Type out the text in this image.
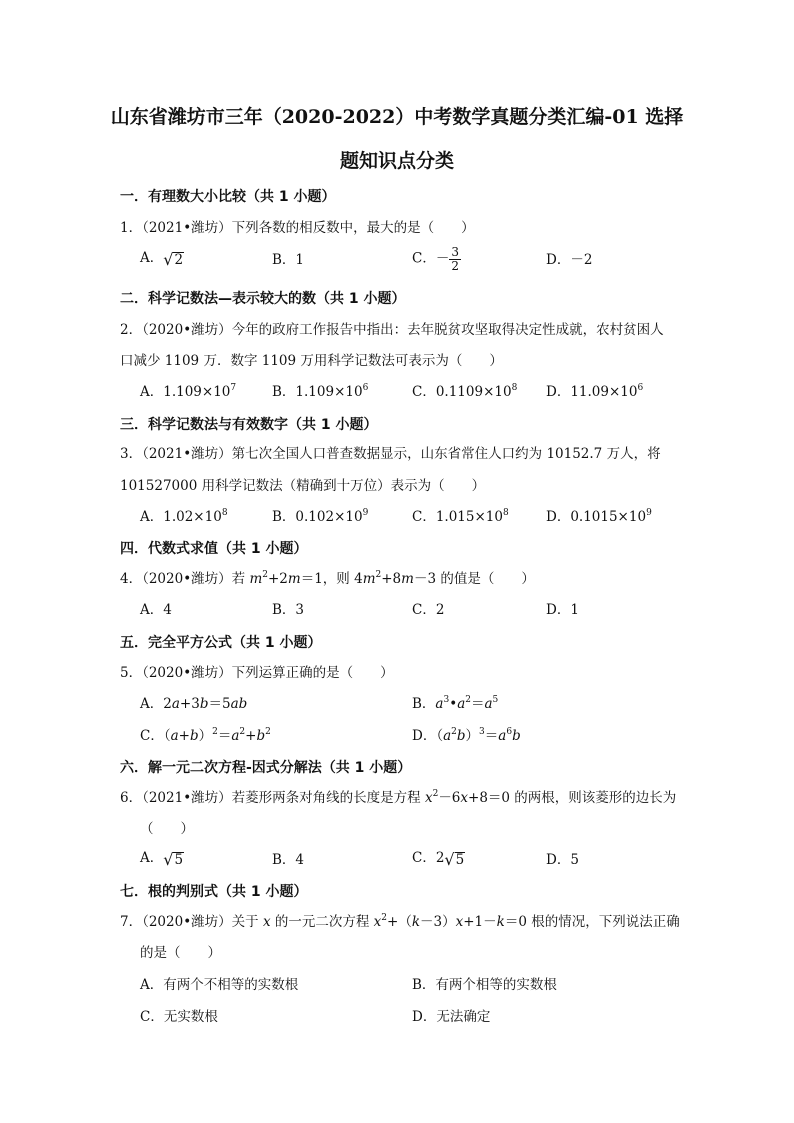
山东省潍坊市三年（2020-2022）中考数学真题分类汇编-01 选择
题知识点分类
一．有理数大小比较（共 1 小题）
1．（2021•潍坊）下列各数的相反数中，最大的是（　　）
A． √ 2	B．1	C．－ $\frac{3}{2}$	D．－2
二．科学记数法—表示较大的数（共 1 小题）
2．（2020•潍坊）今年的政府工作报告中指出：去年脱贫攻坚取得决定性成就，农村贫困人
口减少 1109 万．数字 1109 万用科学记数法可表示为（　　）
A．$1.109\times 10^7$	B．$1.109\times 10^6$	C．$0.1109\times 10^8$ D．$11.09\times 10^6$
三．科学记数法与有效数字（共 1 小题）
3．（2021•潍坊）第七次全国人口普查数据显示，山东省常住人口约为 10152.7 万人，将
101527000 用科学记数法（精确到十万位）表示为（　　）
A．$1.02\times 10^8$	B．$0.102\times 10^9$	C．$1.015\times 10^8$	D．$0.1015\times 10^9$
四．代数式求值（共 1 小题）
4．（2020•潍坊）若 $m^2+2m=1$，则 $4m^2+8m-3$ 的值是（　　）
A．4	B．3	C．2	D．1
五．完全平方公式（共 1 小题）
5．（2020•潍坊）下列运算正确的是（　　）
A．2a+3b＝5ab	B．$a^3•a^2=a^5$
C．$(a+b)^2=a^2+b^2$	D．$(a^2b)^3=a^6b$
六．解一元二次方程-因式分解法（共 1 小题）
6．（2021•潍坊）若菱形两条对角线的长度是方程 $x^2-6x+8=0$ 的两根，则该菱形的边长为
（　　）
A． √ 5	B．4	C．2 √ 5	D．5
七．根的判别式（共 1 小题）
7．（2020•潍坊）关于 x 的一元二次方程 $x^2+(k-3)x+1-k=0$ 根的情况，下列说法正确
的是（　　）
A．有两个不相等的实数根	B．有两个相等的实数根
C．无实数根	D．无法确定
